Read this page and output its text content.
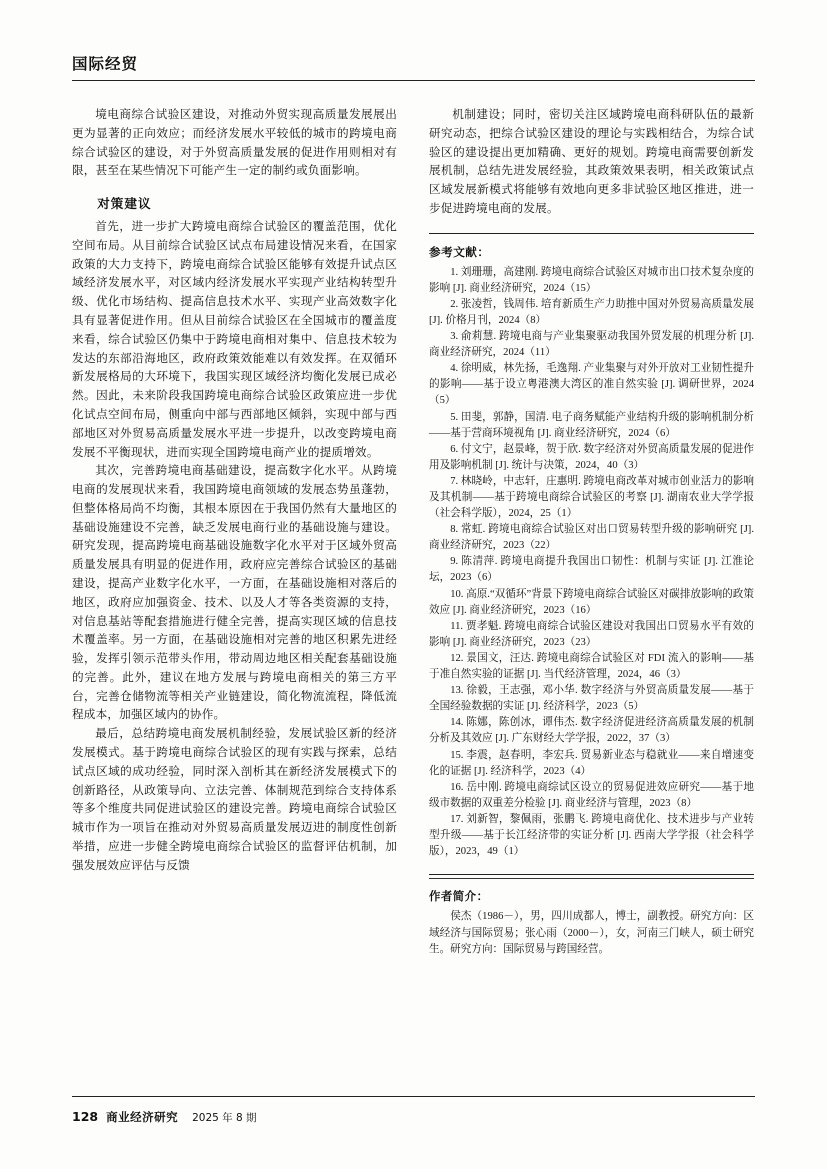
国际经贸

境电商综合试验区建设，对推动外贸实现高质量发展展出更为显著的正向效应；而经济发展水平较低的城市的跨境电商综合试验区的建设，对于外贸高质量发展的促进作用则相对有限，甚至在某些情况下可能产生一定的制约或负面影响。

对策建议

首先，进一步扩大跨境电商综合试验区的覆盖范围，优化空间布局。从目前综合试验区试点布局建设情况来看，在国家政策的大力支持下，跨境电商综合试验区能够有效提升试点区域经济发展水平，对区域内经济发展水平实现产业结构转型升级、优化市场结构、提高信息技术水平、实现产业高效数字化具有显著促进作用。但从目前综合试验区在全国城市的覆盖度来看，综合试验区仍集中于跨境电商相对集中、信息技术较为发达的东部沿海地区，政府政策效能难以有效发挥。在双循环新发展格局的大环境下，我国实现区域经济均衡化发展已成必然。因此，未来阶段我国跨境电商综合试验区政策应进一步优化试点空间布局，侧重向中部与西部地区倾斜，实现中部与西部地区对外贸易高质量发展水平进一步提升，以改变跨境电商发展不平衡现状，进而实现全国跨境电商产业的提质增效。

其次，完善跨境电商基础建设，提高数字化水平。从跨境电商的发展现状来看，我国跨境电商领域的发展态势虽蓬勃，但整体格局尚不均衡，其根本原因在于我国仍然有大量地区的基础设施建设不完善，缺乏发展电商行业的基础设施与建设。研究发现，提高跨境电商基础设施数字化水平对于区域外贸高质量发展具有明显的促进作用，政府应完善综合试验区的基础建设，提高产业数字化水平，一方面，在基础设施相对落后的地区，政府应加强资金、技术、以及人才等各类资源的支持，对信息基站等配套措施进行健全完善，提高实现区域的信息技术覆盖率。另一方面，在基础设施相对完善的地区积累先进经验，发挥引领示范带头作用，带动周边地区相关配套基础设施的完善。此外，建议在地方发展与跨境电商相关的第三方平台，完善仓储物流等相关产业链建设，简化物流流程，降低流程成本，加强区域内的协作。

最后，总结跨境电商发展机制经验，发展试验区新的经济发展模式。基于跨境电商综合试验区的现有实践与探索，总结试点区域的成功经验，同时深入剖析其在新经济发展模式下的创新路径，从政策导向、立法完善、体制规范到综合支持体系等多个维度共同促进试验区的建设完善。跨境电商综合试验区城市作为一项旨在推动对外贸易高质量发展迈进的制度性创新举措，应进一步健全跨境电商综合试验区的监督评估机制，加强发展效应评估与反馈

机制建设；同时，密切关注区域跨境电商科研队伍的最新研究动态，把综合试验区建设的理论与实践相结合，为综合试验区的建设提出更加精确、更好的规划。跨境电商需要创新发展机制，总结先进发展经验，其政策效果表明，相关政策试点区域发展新模式将能够有效地向更多非试验区地区推进，进一步促进跨境电商的发展。

参考文献：

1. 刘珊珊，高建刚. 跨境电商综合试验区对城市出口技术复杂度的影响 [J]. 商业经济研究，2024（15）

2. 张凌哲，钱周伟. 培育新质生产力助推中国对外贸易高质量发展 [J]. 价格月刊，2024（8）

3. 俞莉慧. 跨境电商与产业集聚驱动我国外贸发展的机理分析 [J]. 商业经济研究，2024（11）

4. 徐明威，林先扬，毛逸翔. 产业集聚与对外开放对工业韧性提升的影响——基于设立粤港澳大湾区的准自然实验 [J]. 调研世界，2024（5）

5. 田斐，郭静，国清. 电子商务赋能产业结构升级的影响机制分析——基于营商环境视角 [J]. 商业经济研究，2024（6）

6. 付文宁，赵景峰，贺于欣. 数字经济对外贸高质量发展的促进作用及影响机制 [J]. 统计与决策，2024，40（3）

7. 林晓岭，中志轩，庄惠明. 跨境电商改革对城市创业活力的影响及其机制——基于跨境电商综合试验区的考察 [J]. 湖南农业大学学报（社会科学版），2024，25（1）

8. 常虹. 跨境电商综合试验区对出口贸易转型升级的影响研究 [J]. 商业经济研究，2023（22）

9. 陈清萍. 跨境电商提升我国出口韧性：机制与实证 [J]. 江淮论坛，2023（6）

10. 高原.“双循环”背景下跨境电商综合试验区对碳排放影响的政策效应 [J]. 商业经济研究，2023（16）

11. 贾孝魁. 跨境电商综合试验区建设对我国出口贸易水平有效的影响 [J]. 商业经济研究，2023（23）

12. 景国文，汪达. 跨境电商综合试验区对 FDI 流入的影响——基于准自然实验的证据 [J]. 当代经济管理，2024，46（3）

13. 徐毅，王志强，邓小华. 数字经济与外贸高质量发展——基于全国经验数据的实证 [J]. 经济科学，2023（5）

14. 陈娜，陈创冰，谭伟杰. 数字经济促进经济高质量发展的机制分析及其效应 [J]. 广东财经大学学报，2022，37（3）

15. 李震，赵春明，李宏兵. 贸易新业态与稳就业——来自增速变化的证据 [J]. 经济科学，2023（4）

16. 岳中刚. 跨境电商综试区设立的贸易促进效应研究——基于地级市数据的双重差分检验 [J]. 商业经济与管理，2023（8）

17. 刘新智，黎佩雨，张鹏飞. 跨境电商优化、技术进步与产业转型升级——基于长江经济带的实证分析 [J]. 西南大学学报（社会科学版），2023，49（1）

作者简介：

侯杰（1986－），男，四川成都人，博士，副教授。研究方向：区域经济与国际贸易；张心雨（2000－），女，河南三门峡人，硕士研究生。研究方向：国际贸易与跨国经营。

128 商业经济研究 2025 年 8 期
